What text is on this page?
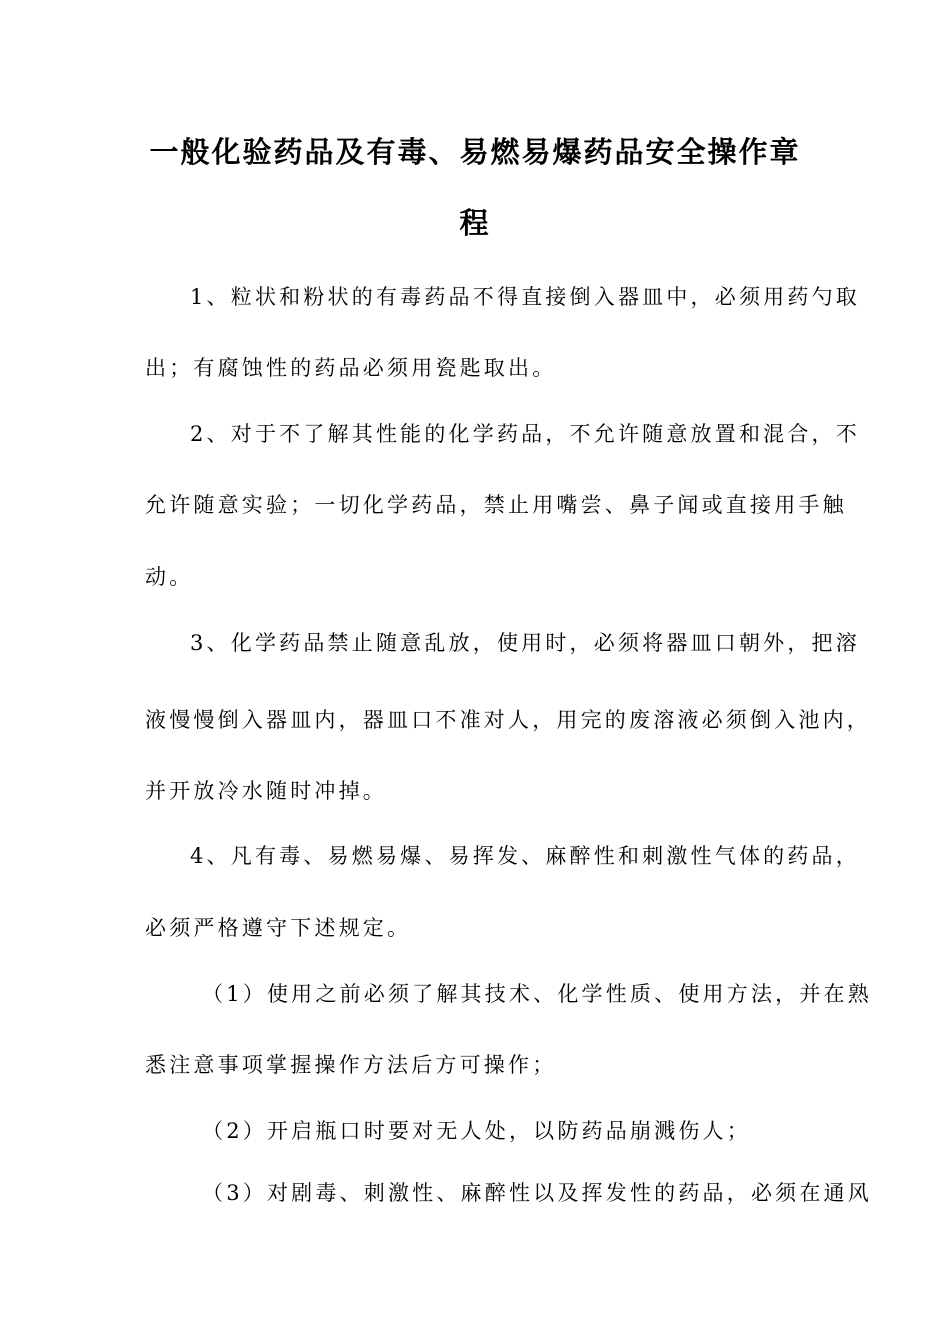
一般化验药品及有毒、易燃易爆药品安全操作章
程

1、粒状和粉状的有毒药品不得直接倒入器皿中，必须用药勺取

出；有腐蚀性的药品必须用瓷匙取出。

2、对于不了解其性能的化学药品，不允许随意放置和混合，不

允许随意实验；一切化学药品，禁止用嘴尝、鼻子闻或直接用手触

动。

3、化学药品禁止随意乱放，使用时，必须将器皿口朝外，把溶

液慢慢倒入器皿内，器皿口不准对人，用完的废溶液必须倒入池内，

并开放冷水随时冲掉。

4、凡有毒、易燃易爆、易挥发、麻醉性和刺激性气体的药品，

必须严格遵守下述规定。

（1）使用之前必须了解其技术、化学性质、使用方法，并在熟

悉注意事项掌握操作方法后方可操作；

（2）开启瓶口时要对无人处，以防药品崩溅伤人；

（3）对剧毒、刺激性、麻醉性以及挥发性的药品，必须在通风
